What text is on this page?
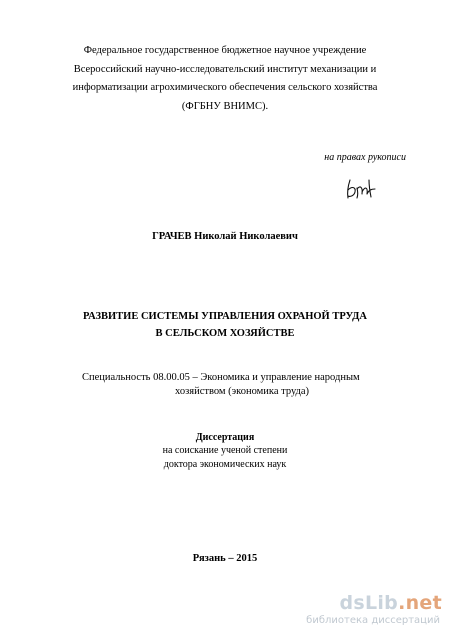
Федеральное государственное бюджетное научное учреждение
Всероссийский научно-исследовательский институт механизации и
информатизации агрохимического обеспечения сельского хозяйства
(ФГБНУ ВНИМС).
на правах рукописи
ГРАЧЕВ Николай Николаевич
РАЗВИТИЕ СИСТЕМЫ УПРАВЛЕНИЯ ОХРАНОЙ ТРУДА
В СЕЛЬСКОМ ХОЗЯЙСТВЕ
Специальность 08.00.05 – Экономика и управление народным
хозяйством (экономика труда)
Диссертация
на соискание ученой степени
доктора экономических наук
Рязань – 2015
dsLib.net
библиотека диссертаций
